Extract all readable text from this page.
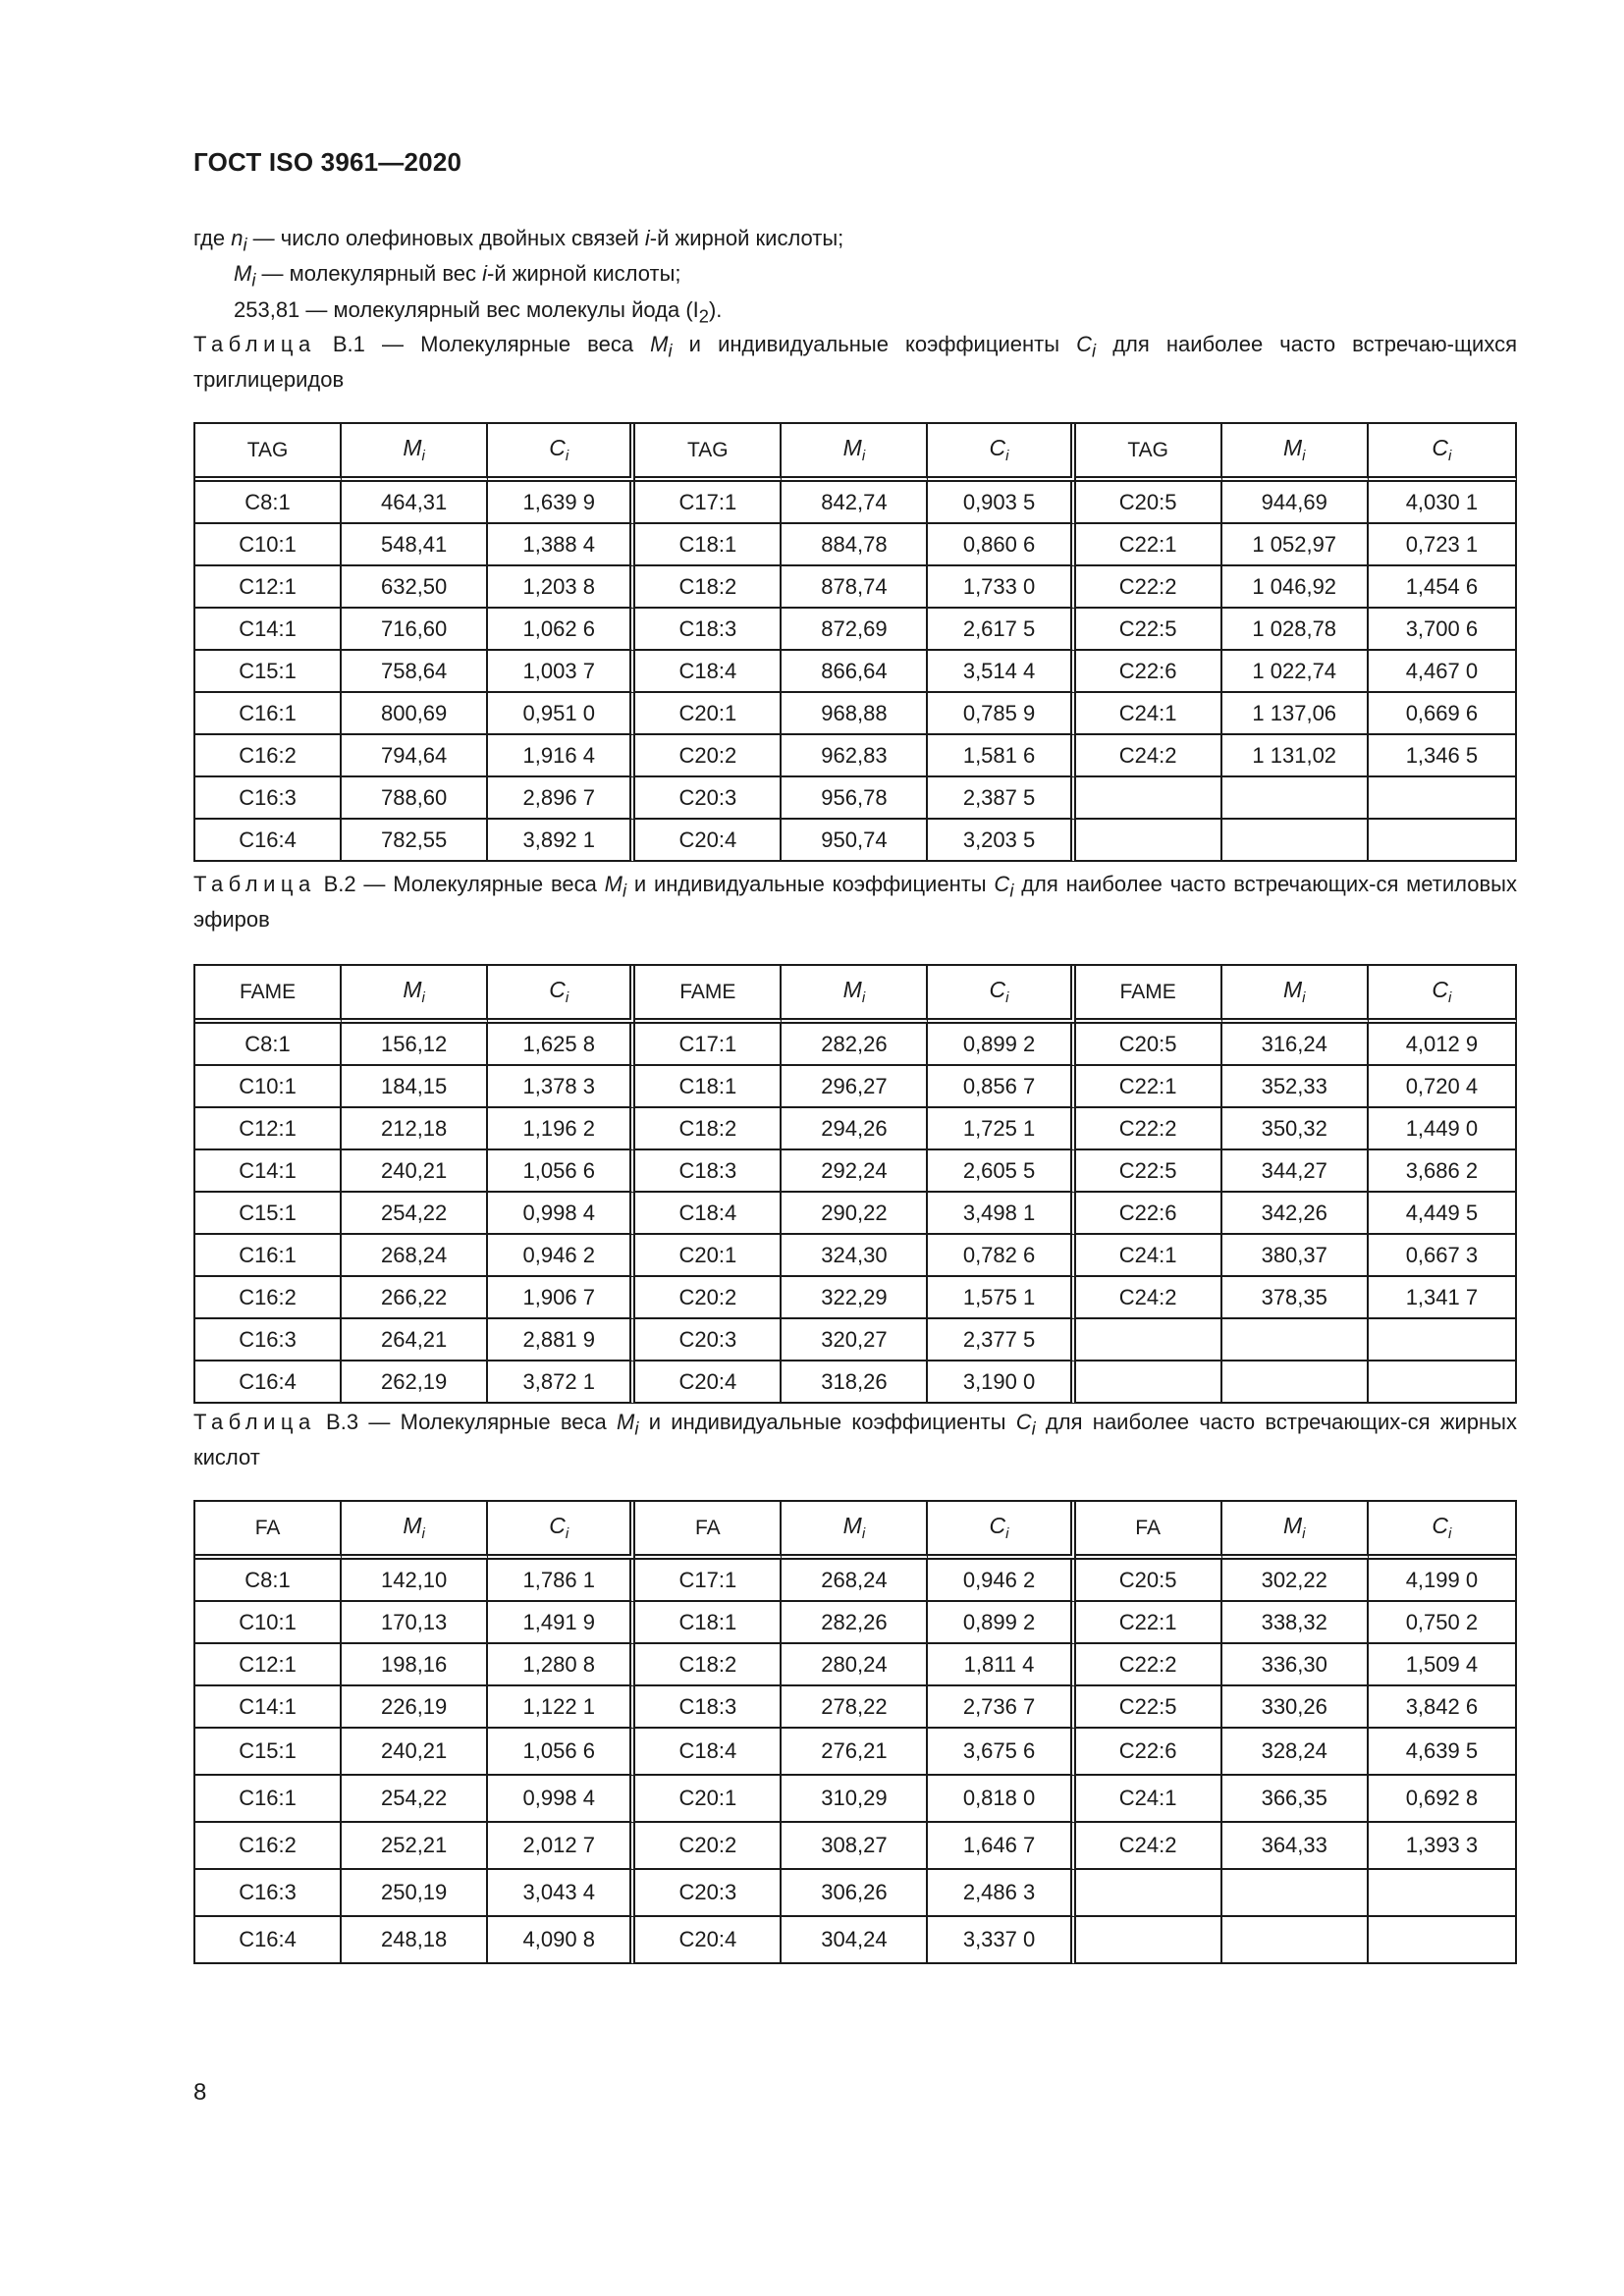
ГОСТ ISO 3961—2020
где $n_i$ — число олефиновых двойных связей i-й жирной кислоты;
$M_i$ — молекулярный вес i-й жирной кислоты;
253,81 — молекулярный вес молекулы йода $(I_2)$.
Таблица В.1 — Молекулярные веса $M_i$ и индивидуальные коэффициенты $C_i$ для наиболее часто встречаю-щихся триглицеридов
TAG	$M_i$	$C_i$	TAG	$M_i$	$C_i$	TAG	$M_i$	$C_i$
C8:1	464,31	1,639 9	C17:1	842,74	0,903 5	C20:5	944,69	4,030 1
C10:1	548,41	1,388 4	C18:1	884,78	0,860 6	C22:1	1 052,97	0,723 1
C12:1	632,50	1,203 8	C18:2	878,74	1,733 0	C22:2	1 046,92	1,454 6
C14:1	716,60	1,062 6	C18:3	872,69	2,617 5	C22:5	1 028,78	3,700 6
C15:1	758,64	1,003 7	C18:4	866,64	3,514 4	C22:6	1 022,74	4,467 0
C16:1	800,69	0,951 0	C20:1	968,88	0,785 9	C24:1	1 137,06	0,669 6
C16:2	794,64	1,916 4	C20:2	962,83	1,581 6	C24:2	1 131,02	1,346 5
C16:3	788,60	2,896 7	C20:3	956,78	2,387 5			
C16:4	782,55	3,892 1	C20:4	950,74	3,203 5			
Таблица В.2 — Молекулярные веса $M_i$ и индивидуальные коэффициенты $C_i$ для наиболее часто встречающих-ся метиловых эфиров
FAME	$M_i$	$C_i$	FAME	$M_i$	$C_i$	FAME	$M_i$	$C_i$
C8:1	156,12	1,625 8	C17:1	282,26	0,899 2	C20:5	316,24	4,012 9
C10:1	184,15	1,378 3	C18:1	296,27	0,856 7	C22:1	352,33	0,720 4
C12:1	212,18	1,196 2	C18:2	294,26	1,725 1	C22:2	350,32	1,449 0
C14:1	240,21	1,056 6	C18:3	292,24	2,605 5	C22:5	344,27	3,686 2
C15:1	254,22	0,998 4	C18:4	290,22	3,498 1	C22:6	342,26	4,449 5
C16:1	268,24	0,946 2	C20:1	324,30	0,782 6	C24:1	380,37	0,667 3
C16:2	266,22	1,906 7	C20:2	322,29	1,575 1	C24:2	378,35	1,341 7
C16:3	264,21	2,881 9	C20:3	320,27	2,377 5			
C16:4	262,19	3,872 1	C20:4	318,26	3,190 0			
Таблица В.3 — Молекулярные веса $M_i$ и индивидуальные коэффициенты $C_i$ для наиболее часто встречающих-ся жирных кислот
FA	$M_i$	$C_i$	FA	$M_i$	$C_i$	FA	$M_i$	$C_i$
C8:1	142,10	1,786 1	C17:1	268,24	0,946 2	C20:5	302,22	4,199 0
C10:1	170,13	1,491 9	C18:1	282,26	0,899 2	C22:1	338,32	0,750 2
C12:1	198,16	1,280 8	C18:2	280,24	1,811 4	C22:2	336,30	1,509 4
C14:1	226,19	1,122 1	C18:3	278,22	2,736 7	C22:5	330,26	3,842 6
C15:1	240,21	1,056 6	C18:4	276,21	3,675 6	C22:6	328,24	4,639 5
C16:1	254,22	0,998 4	C20:1	310,29	0,818 0	C24:1	366,35	0,692 8
C16:2	252,21	2,012 7	C20:2	308,27	1,646 7	C24:2	364,33	1,393 3
C16:3	250,19	3,043 4	C20:3	306,26	2,486 3			
C16:4	248,18	4,090 8	C20:4	304,24	3,337 0			
8
